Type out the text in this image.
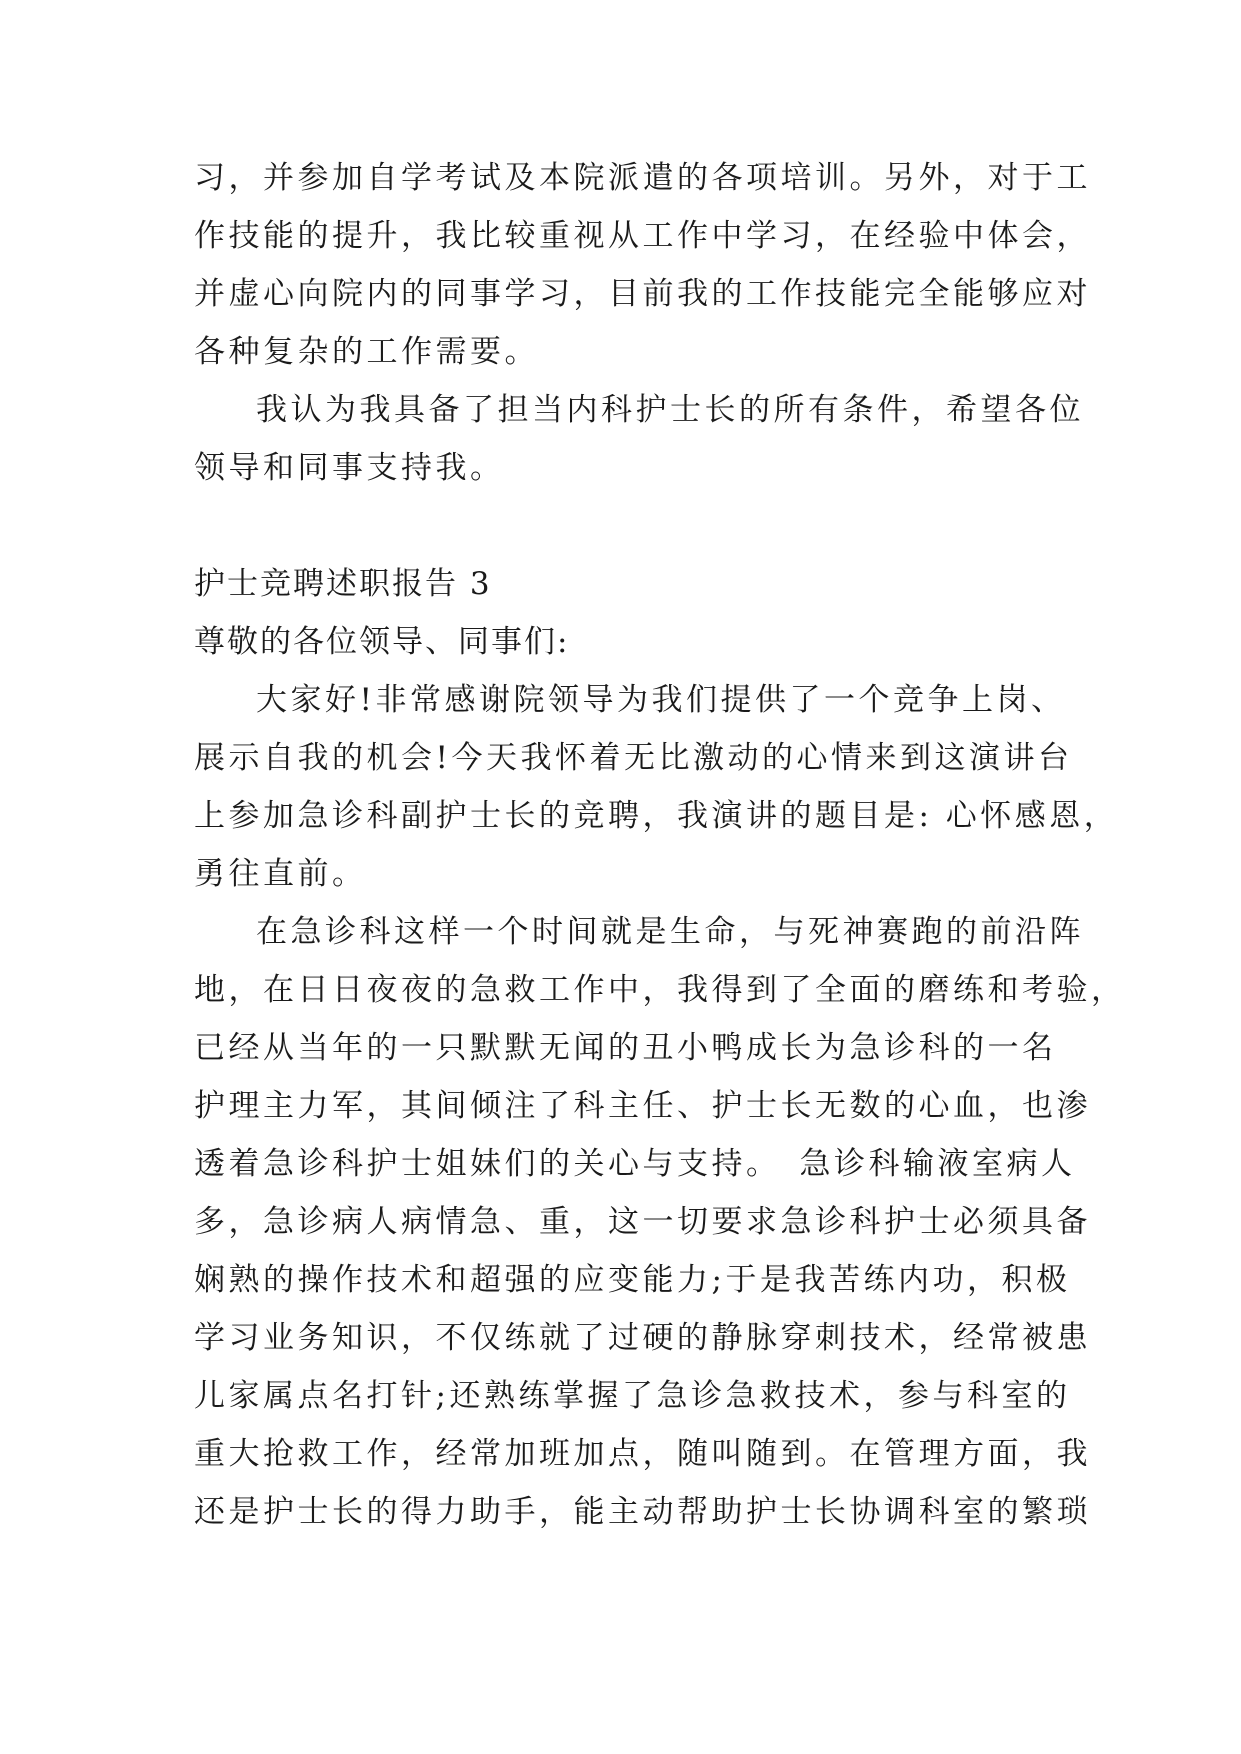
习，并参加自学考试及本院派遣的各项培训。另外，对于工
作技能的提升，我比较重视从工作中学习，在经验中体会，
并虚心向院内的同事学习，目前我的工作技能完全能够应对
各种复杂的工作需要。
我认为我具备了担当内科护士长的所有条件，希望各位
领导和同事支持我。
护士竞聘述职报告 3
尊敬的各位领导、同事们:
大家好!非常感谢院领导为我们提供了一个竞争上岗、
展示自我的机会!今天我怀着无比激动的心情来到这演讲台
上参加急诊科副护士长的竞聘，我演讲的题目是: 心怀感恩，
勇往直前。
在急诊科这样一个时间就是生命，与死神赛跑的前沿阵
地，在日日夜夜的急救工作中，我得到了全面的磨练和考验，
已经从当年的一只默默无闻的丑小鸭成长为急诊科的一名
护理主力军，其间倾注了科主任、护士长无数的心血，也渗
透着急诊科护士姐妹们的关心与支持。　急诊科输液室病人
多，急诊病人病情急、重，这一切要求急诊科护士必须具备
娴熟的操作技术和超强的应变能力;于是我苦练内功，积极
学习业务知识，不仅练就了过硬的静脉穿刺技术，经常被患
儿家属点名打针;还熟练掌握了急诊急救技术，参与科室的
重大抢救工作，经常加班加点，随叫随到。在管理方面，我
还是护士长的得力助手，能主动帮助护士长协调科室的繁琐
